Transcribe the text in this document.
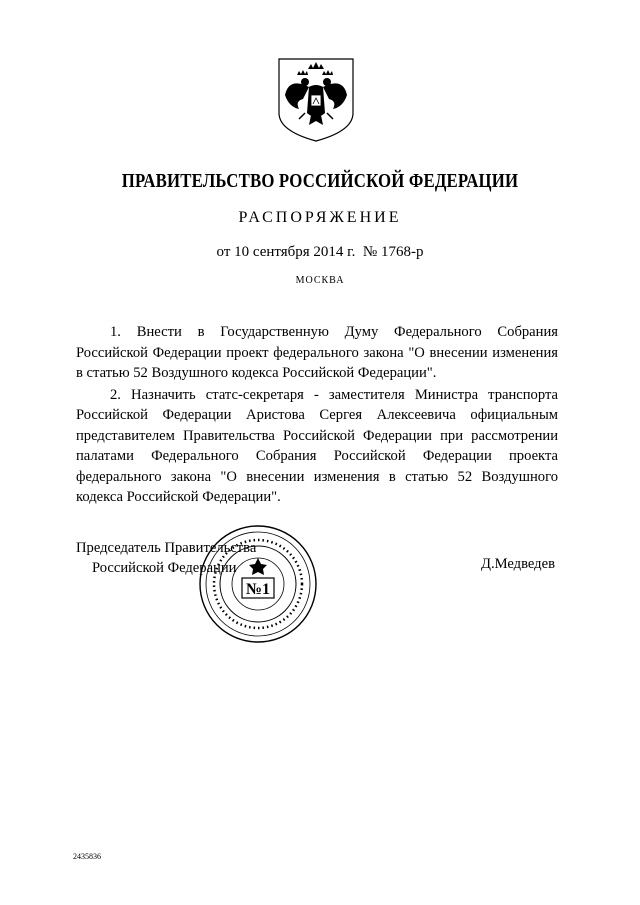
ПРАВИТЕЛЬСТВО РОССИЙСКОЙ ФЕДЕРАЦИИ
РАСПОРЯЖЕНИЕ
от 10 сентября 2014 г. № 1768-р
МОСКВА

1. Внести в Государственную Думу Федерального Собрания Российской Федерации проект федерального закона "О внесении изменения в статью 52 Воздушного кодекса Российской Федерации".

2. Назначить статс-секретаря - заместителя Министра транспорта Российской Федерации Аристова Сергея Алексеевича официальным представителем Правительства Российской Федерации при рассмотрении палатами Федерального Собрания Российской Федерации проекта федерального закона "О внесении изменения в статью 52 Воздушного кодекса Российской Федерации".

Председатель Правительства
Российской Федерации	Д.Медведев
№1
2435836
